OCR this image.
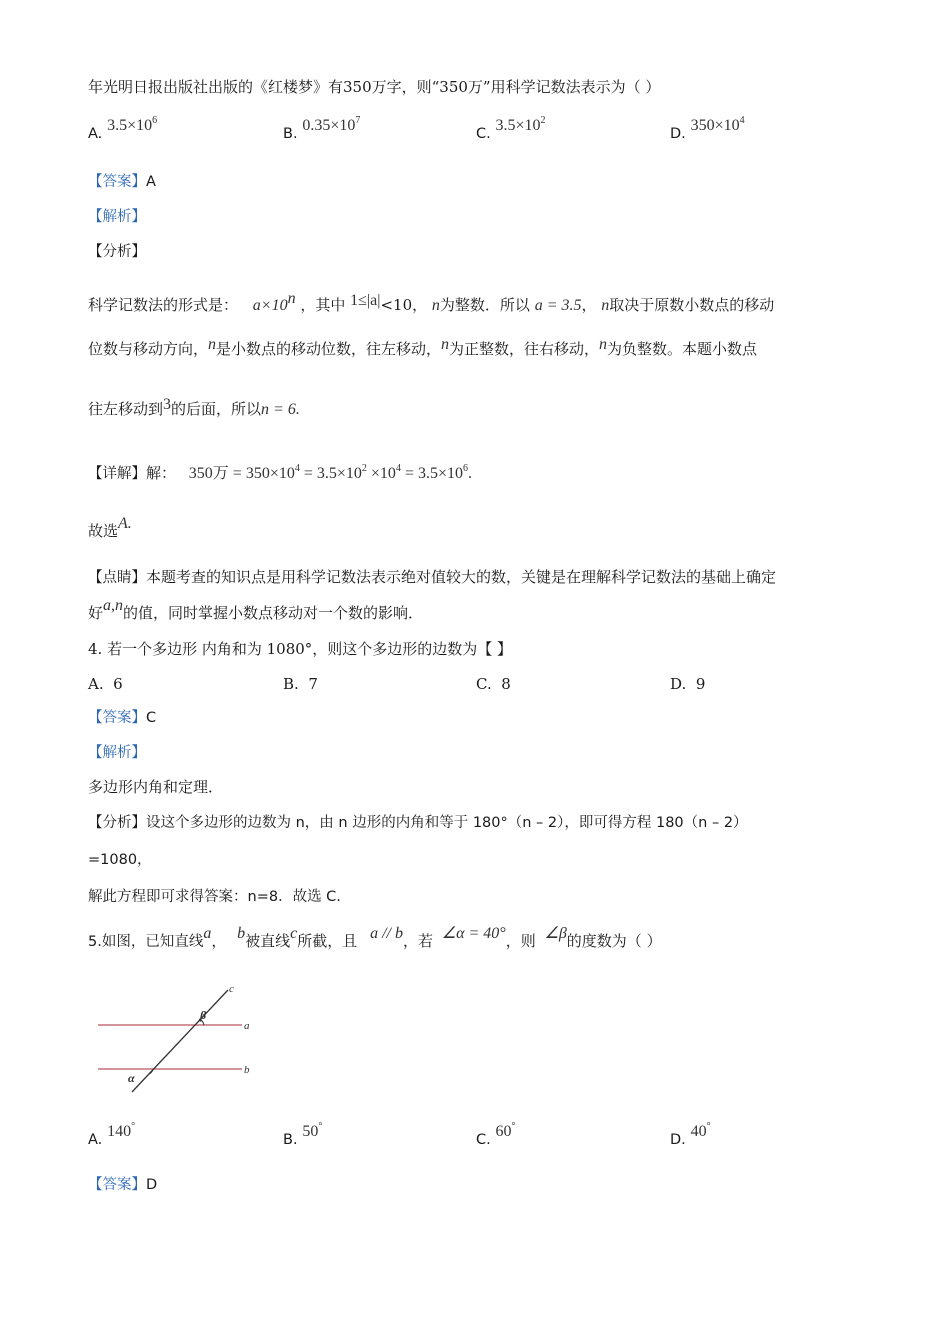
年光明日报出版社出版的《红楼梦》有350万字，则“350万”用科学记数法表示为（ ）
A. $3.5\times 10^6$
B. $0.35\times 10^7$
C. $3.5\times 10^2$
D. $350\times 10^4$
【答案】A
【解析】
【分析】
科学记数法的形式是： $a\times 10^n$ ，其中 1≤|a|<10， n为整数．所以 a = 3.5， n取决于原数小数点的移动
位数与移动方向，n是小数点的移动位数，往左移动，n为正整数，往右移动，n为负整数。本题小数点
往左移动到3的后面，所以n = 6.
【详解】解： 350万 = $350\times 10^4 = 3.5\times 10^2 \times 10^4 = 3.5\times 10^6$.
故选A.
【点睛】本题考查的知识点是用科学记数法表示绝对值较大的数，关键是在理解科学记数法的基础上确定
好a,n的值，同时掌握小数点移动对一个数的影响．
4. 若一个多边形 内角和为 1080°，则这个多边形的边数为【 】
A. 6	B. 7	C. 8	D. 9
【答案】C
【解析】
多边形内角和定理．
【分析】设这个多边形的边数为 n，由 n 边形的内角和等于 180°（n – 2），即可得方程 180（n – 2）
=1080，
解此方程即可求得答案：n=8．故选 C.
5.如图，已知直线a， b被直线c所截，且 a // b，若 ∠α = 40°，则 ∠β的度数为（ ）
c
a
b
β
α
A. 140°
B. 50°
C. 60°
D. 40°
【答案】D
